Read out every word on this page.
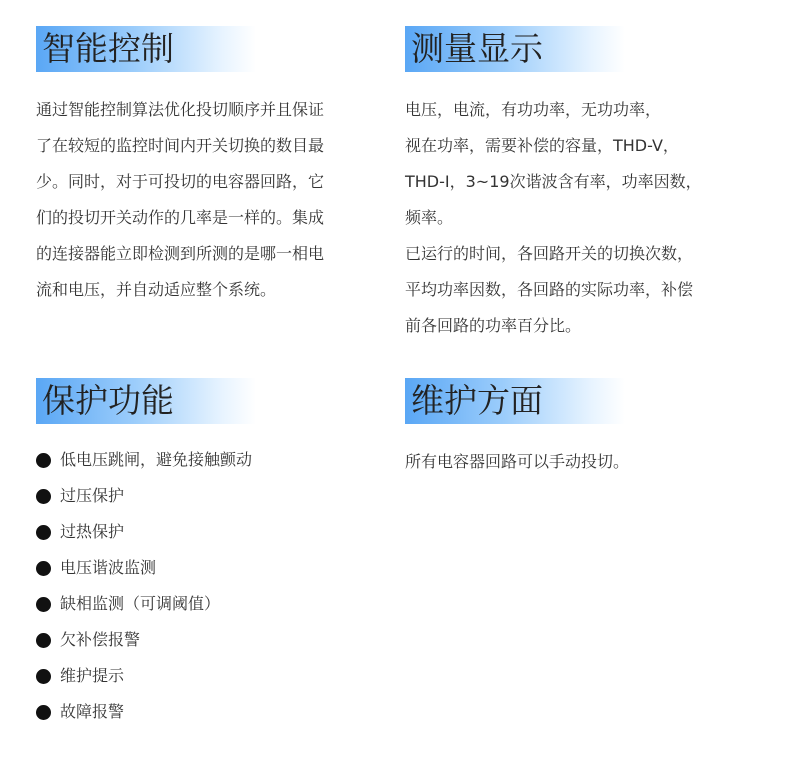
智能控制

通过智能控制算法优化投切顺序并且保证

了在较短的监控时间内开关切换的数目最

少。同时，对于可投切的电容器回路，它

们的投切开关动作的几率是一样的。集成

的连接器能立即检测到所测的是哪一相电

流和电压，并自动适应整个系统。

测量显示

电压，电流，有功功率，无功功率，

视在功率，需要补偿的容量，THD-V，

THD-I，3~19次谐波含有率，功率因数，

频率。

已运行的时间，各回路开关的切换次数，

平均功率因数，各回路的实际功率，补偿

前各回路的功率百分比。

保护功能
低电压跳闸，避免接触颤动
过压保护
过热保护
电压谐波监测
缺相监测（可调阈值）
欠补偿报警
维护提示
故障报警
维护方面

所有电容器回路可以手动投切。
